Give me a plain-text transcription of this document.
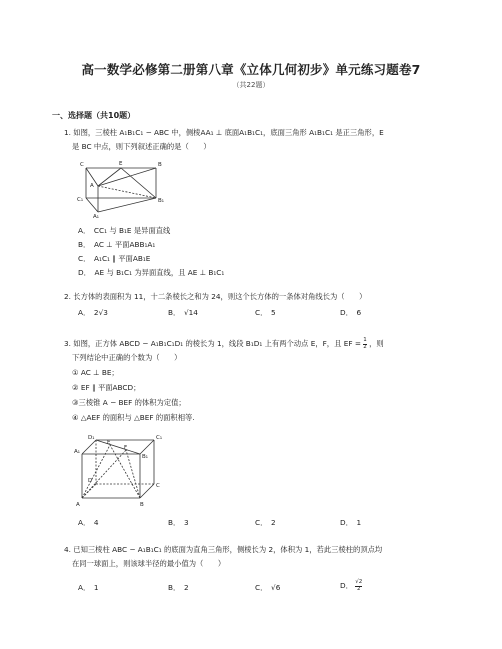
高一数学必修第二册第八章《立体几何初步》单元练习题卷7
（共22题）
一、选择题（共10题）
1. 如图，三棱柱 A₁B₁C₁ − ABC 中，侧棱AA₁ ⊥ 底面A₁B₁C₁，底面三角形 A₁B₁C₁ 是正三角形，E
是 BC 中点，则下列叙述正确的是（　　）
C	E	B
A
C₁	B₁
A₁
A．　CC₁ 与 B₁E 是异面直线
B．　AC ⊥ 平面ABB₁A₁
C．　A₁C₁ ∥ 平面AB₁E
D．　AE 与 B₁C₁ 为异面直线，且 AE ⊥ B₁C₁
2. 长方体的表面积为 11，十二条棱长之和为 24，则这个长方体的一条体对角线长为（　　）
A．　2√3	B．　√14	C．　5	D．　6
3. 如图，正方体 ABCD − A₁B₁C₁D₁ 的棱长为 1，线段 B₁D₁ 上有两个动点 E，F，且 EF = $\frac{1}{2}$ ，则
下列结论中正确的个数为（　　）
① AC ⊥ BE；
② EF ∥ 平面ABCD；
③三棱锥 A − BEF 的体积为定值；
④ △AEF 的面积与 △BEF 的面积相等.
D₁	C₁
A₁
B₁
E
F
D
C
A	B
A．　4	B．　3	C．　2	D．　1
4. 已知三棱柱 ABC − A₁B₁C₁ 的底面为直角三角形，侧棱长为 2，体积为 1，若此三棱柱的顶点均
在同一球面上，则该球半径的最小值为（　　）
A．　1	B．　2	C．　√6	D． $\frac{√2}{2}$
